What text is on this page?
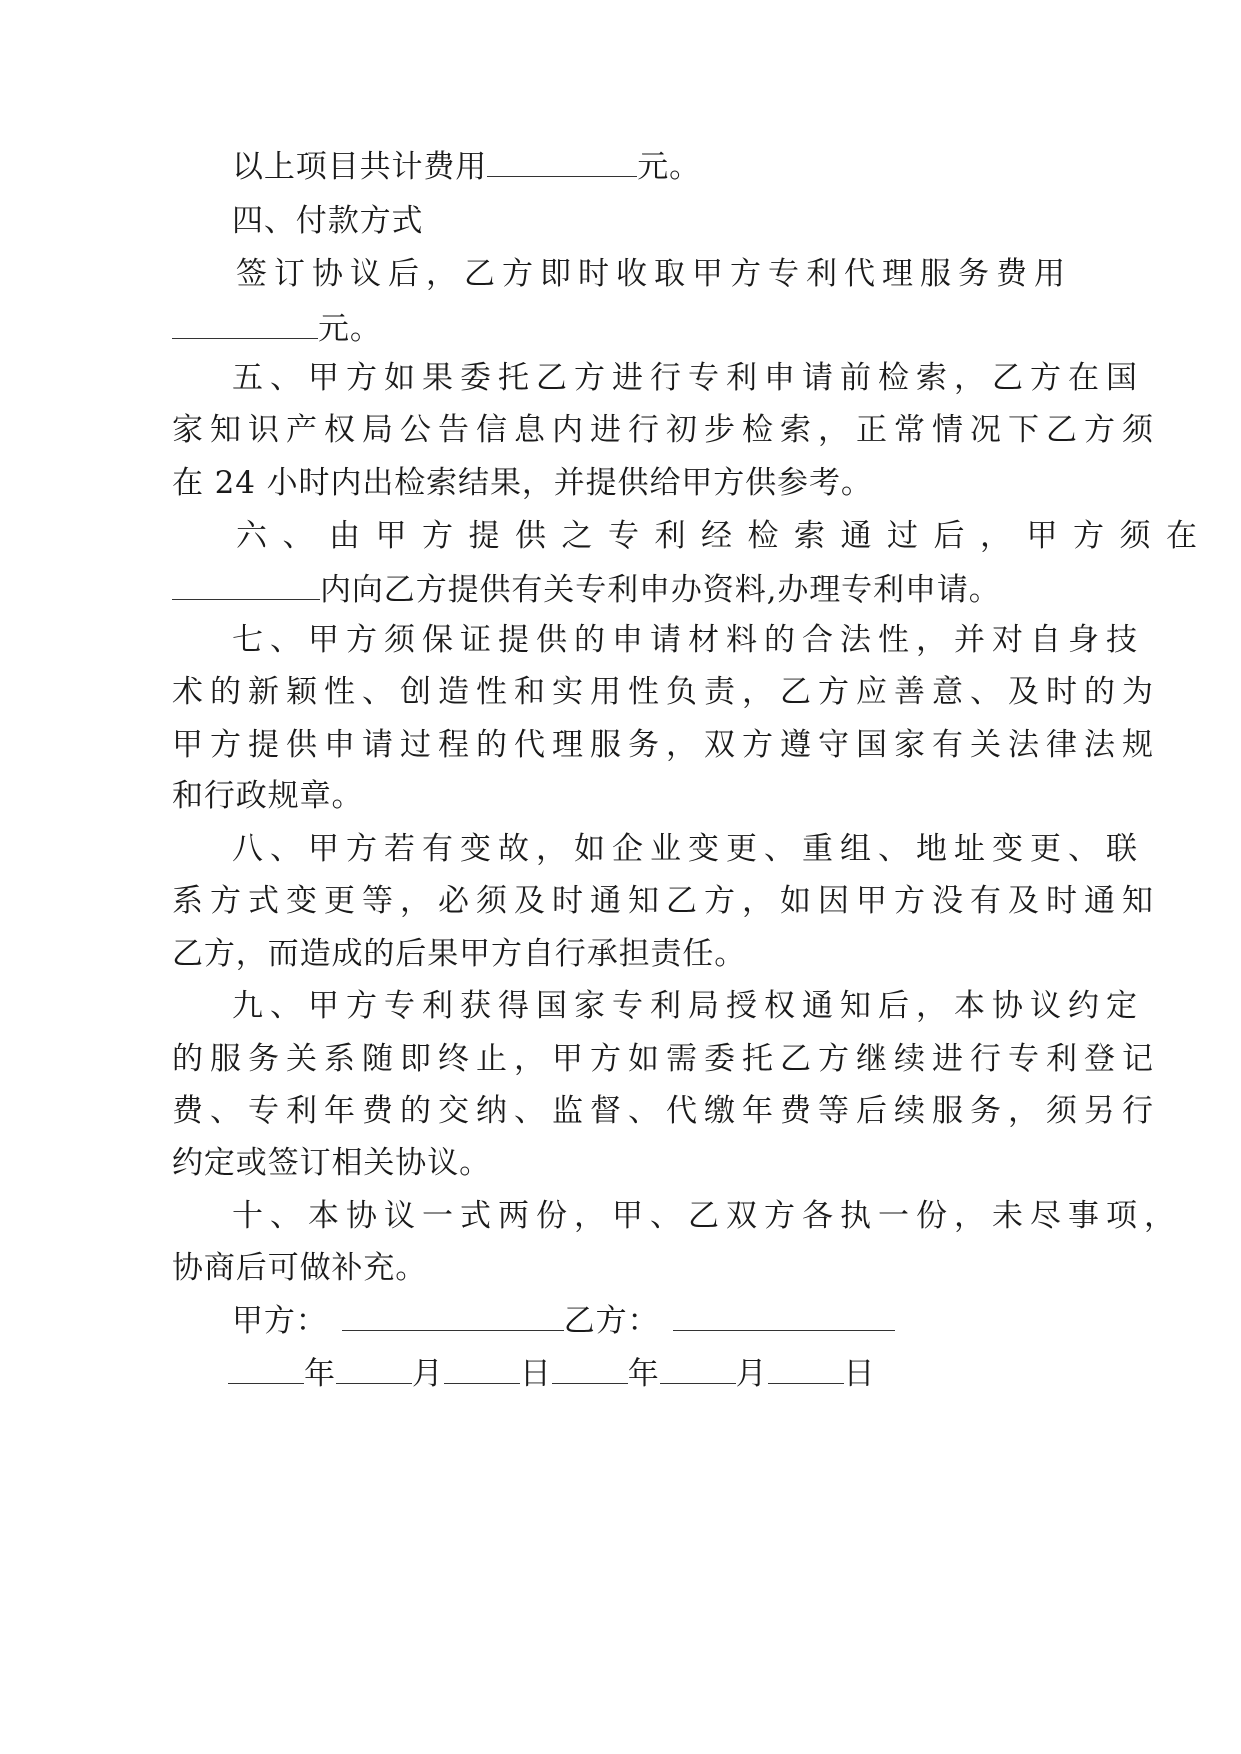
以上项目共计费用	元。
四、付款方式
签订协议后，乙方即时收取甲方专利代理服务费用
元。
五、甲方如果委托乙方进行专利申请前检索，乙方在国
家知识产权局公告信息内进行初步检索，正常情况下乙方须
在 24 小时内出检索结果，并提供给甲方供参考。
六、由甲方提供之专利经检索通过后，甲方须在
内向乙方提供有关专利申办资料,办理专利申请。
七、甲方须保证提供的申请材料的合法性，并对自身技
术的新颖性、创造性和实用性负责，乙方应善意、及时的为
甲方提供申请过程的代理服务，双方遵守国家有关法律法规
和行政规章。
八、甲方若有变故，如企业变更、重组、地址变更、联
系方式变更等，必须及时通知乙方，如因甲方没有及时通知
乙方，而造成的后果甲方自行承担责任。
九、甲方专利获得国家专利局授权通知后，本协议约定
的服务关系随即终止，甲方如需委托乙方继续进行专利登记
费、专利年费的交纳、监督、代缴年费等后续服务，须另行
约定或签订相关协议。
十、本协议一式两份，甲、乙双方各执一份，未尽事项，
协商后可做补充。
甲方：	乙方：
年 月 日 年 月 日
